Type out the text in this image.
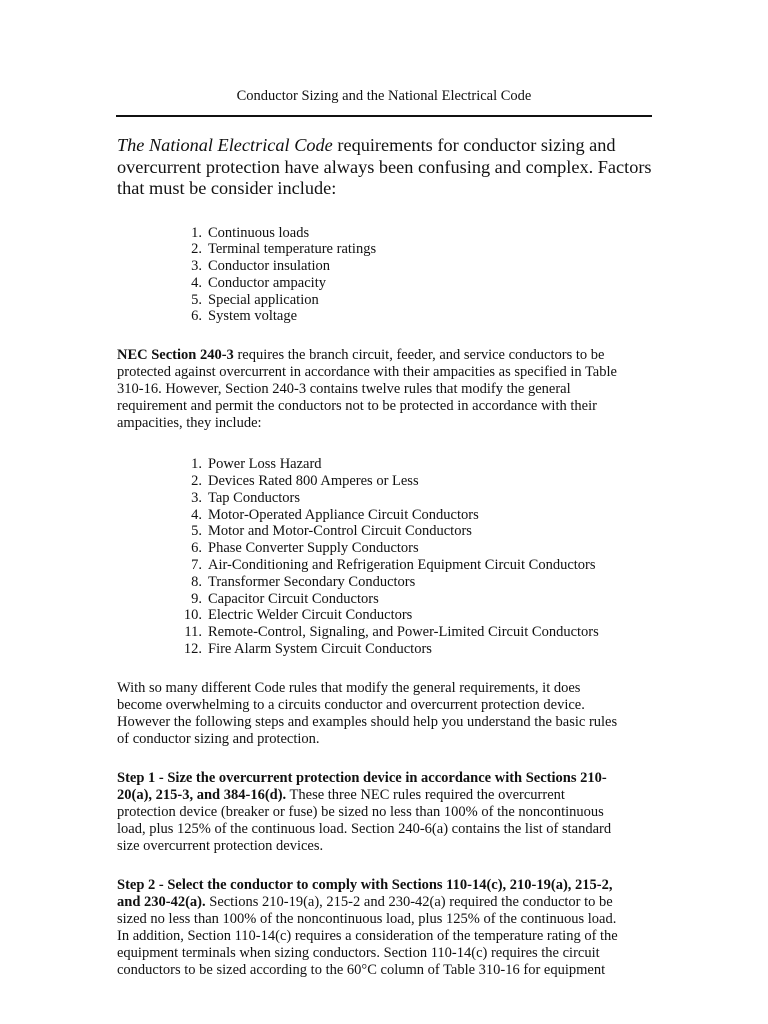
Conductor Sizing and the National Electrical Code

The National Electrical Code requirements for conductor sizing and
overcurrent protection have always been confusing and complex. Factors
that must be consider include:

1. Continuous loads
2. Terminal temperature ratings
3. Conductor insulation
4. Conductor ampacity
5. Special application
6. System voltage

NEC Section 240-3 requires the branch circuit, feeder, and service conductors to be
protected against overcurrent in accordance with their ampacities as specified in Table
310-16. However, Section 240-3 contains twelve rules that modify the general
requirement and permit the conductors not to be protected in accordance with their
ampacities, they include:

1. Power Loss Hazard
2. Devices Rated 800 Amperes or Less
3. Tap Conductors
4. Motor-Operated Appliance Circuit Conductors
5. Motor and Motor-Control Circuit Conductors
6. Phase Converter Supply Conductors
7. Air-Conditioning and Refrigeration Equipment Circuit Conductors
8. Transformer Secondary Conductors
9. Capacitor Circuit Conductors
10. Electric Welder Circuit Conductors
11. Remote-Control, Signaling, and Power-Limited Circuit Conductors
12. Fire Alarm System Circuit Conductors

With so many different Code rules that modify the general requirements, it does
become overwhelming to a circuits conductor and overcurrent protection device.
However the following steps and examples should help you understand the basic rules
of conductor sizing and protection.

Step 1 - Size the overcurrent protection device in accordance with Sections 210-
20(a), 215-3, and 384-16(d). These three NEC rules required the overcurrent
protection device (breaker or fuse) be sized no less than 100% of the noncontinuous
load, plus 125% of the continuous load. Section 240-6(a) contains the list of standard
size overcurrent protection devices.

Step 2 - Select the conductor to comply with Sections 110-14(c), 210-19(a), 215-2,
and 230-42(a). Sections 210-19(a), 215-2 and 230-42(a) required the conductor to be
sized no less than 100% of the noncontinuous load, plus 125% of the continuous load.
In addition, Section 110-14(c) requires a consideration of the temperature rating of the
equipment terminals when sizing conductors. Section 110-14(c) requires the circuit
conductors to be sized according to the 60°C column of Table 310-16 for equipment
